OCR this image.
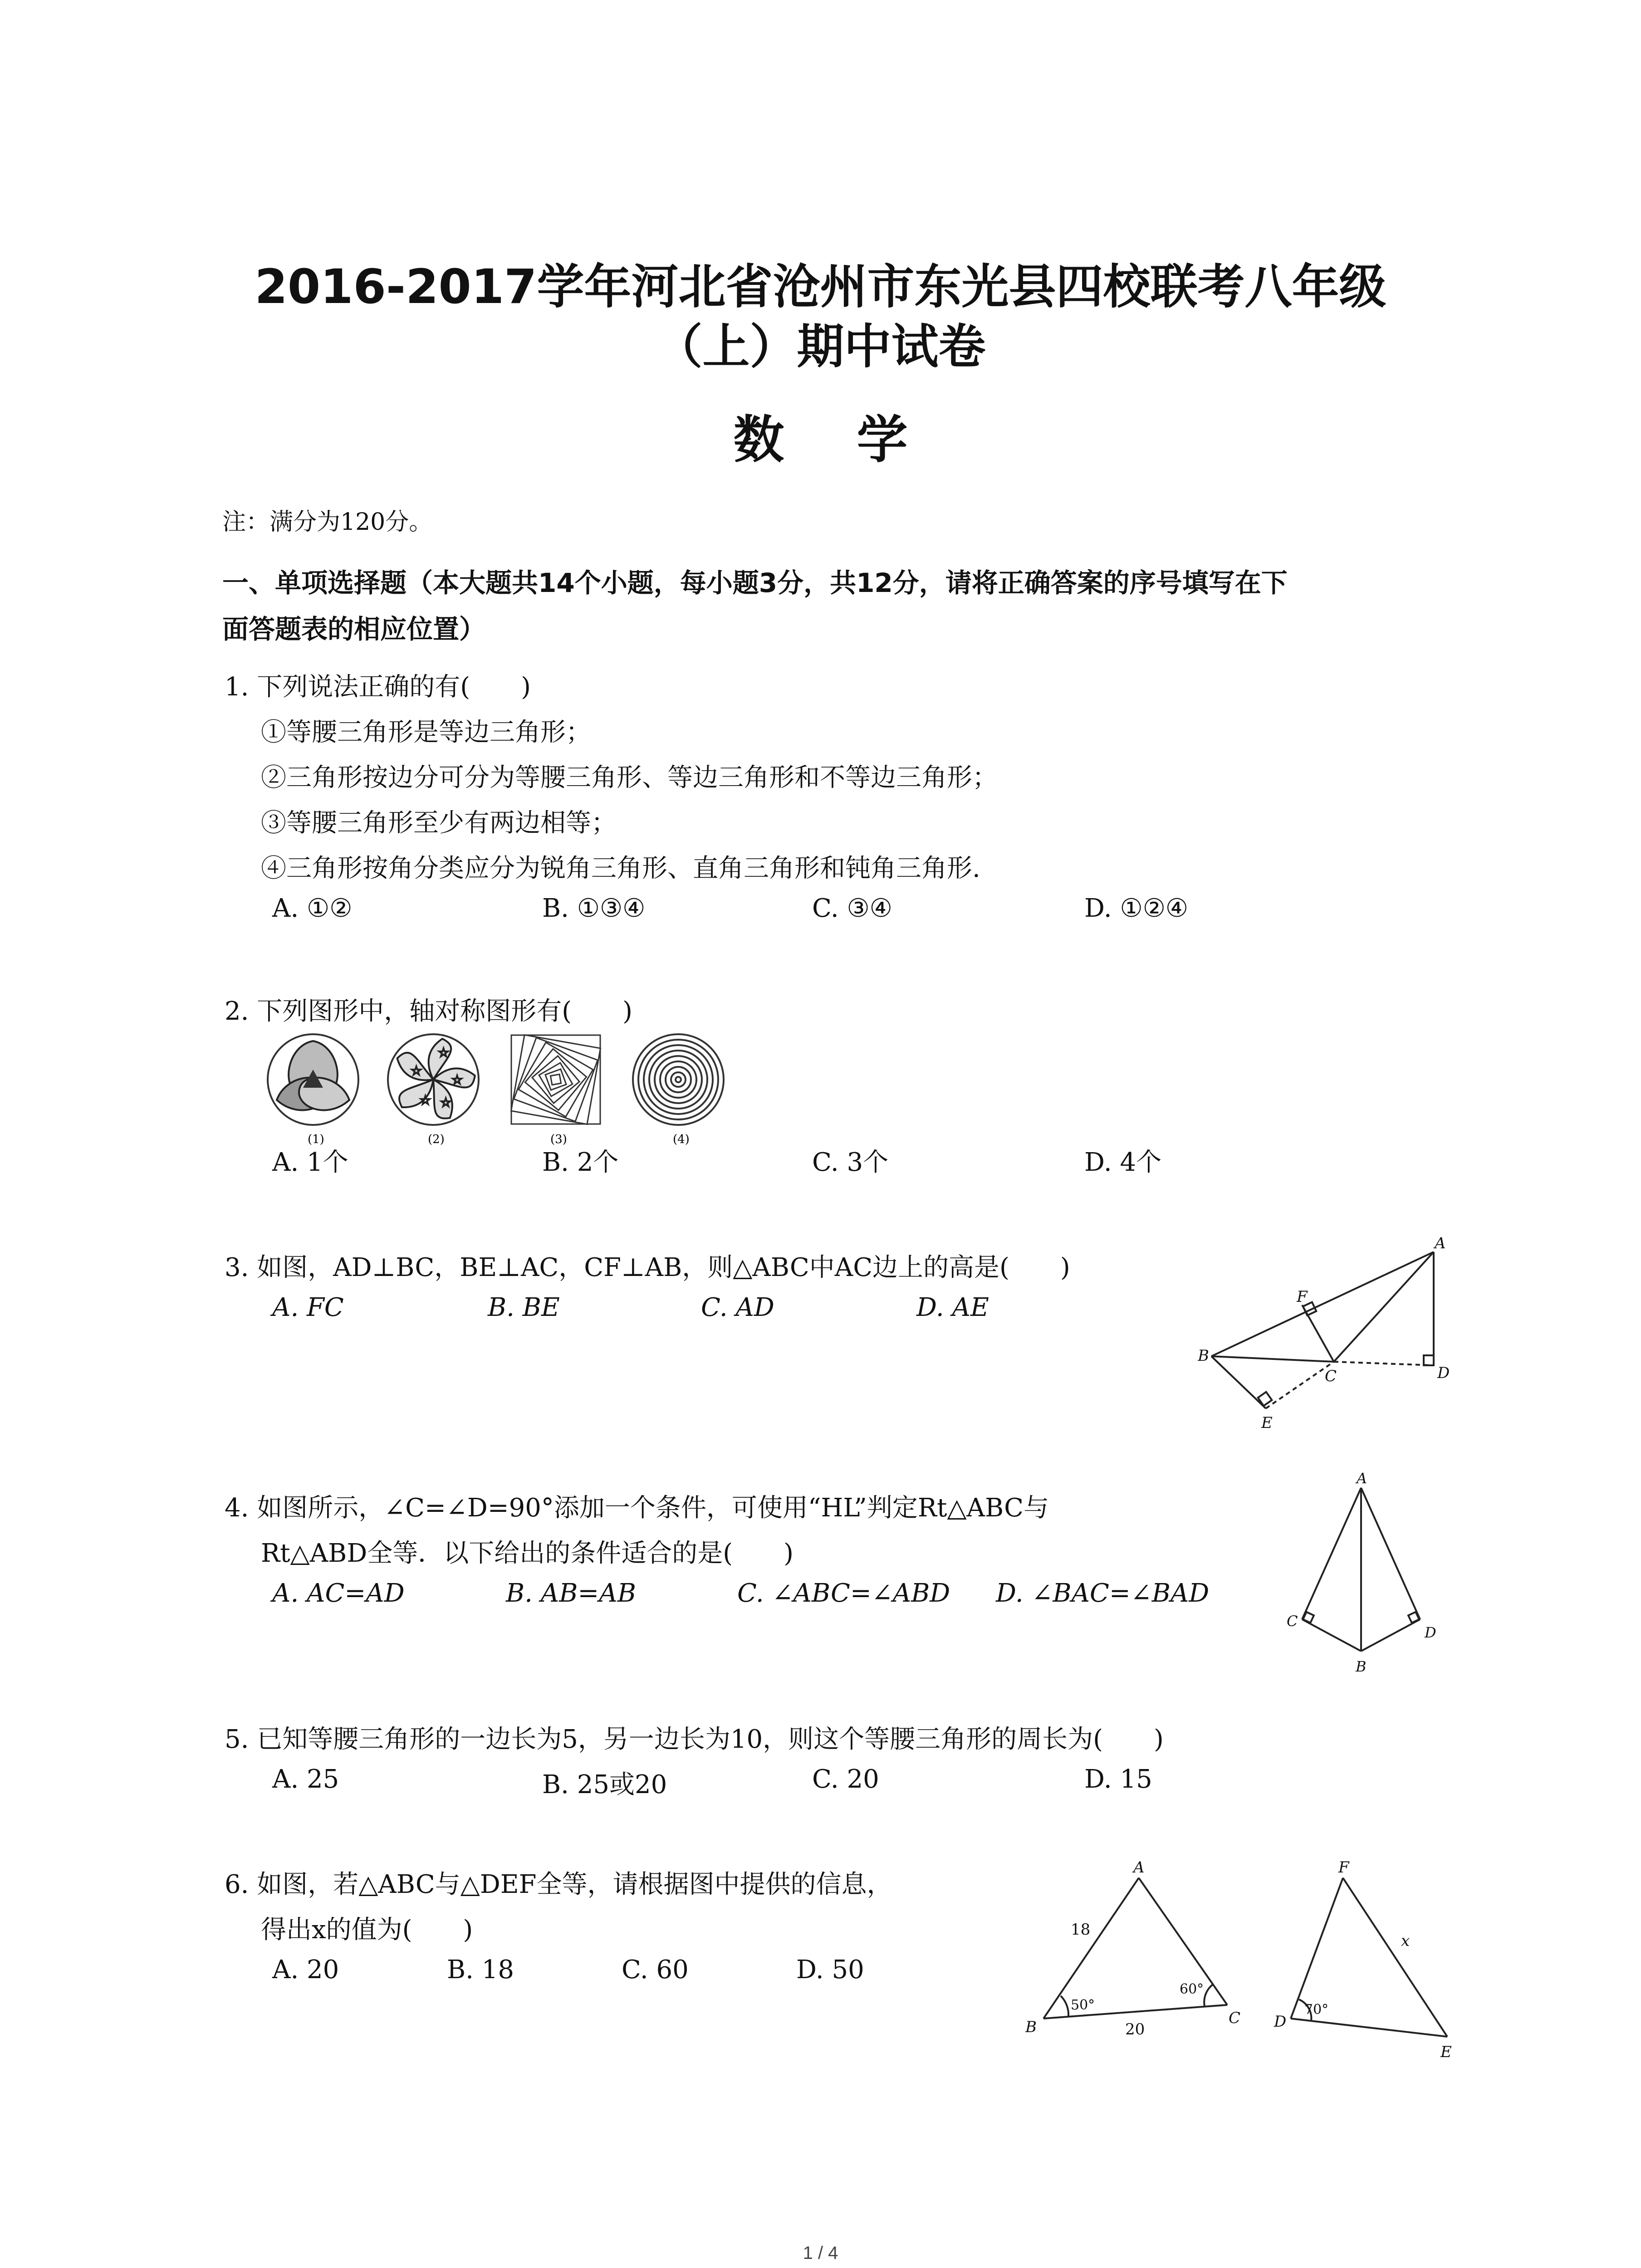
2016-2017学年河北省沧州市东光县四校联考八年级
（上）期中试卷
数学
注：满分为120分。
一、单项选择题（本大题共14个小题，每小题3分，共12分，请将正确答案的序号填写在下
面答题表的相应位置）
1. 下列说法正确的有(　　)
①等腰三角形是等边三角形；
②三角形按边分可分为等腰三角形、等边三角形和不等边三角形；
③等腰三角形至少有两边相等；
④三角形按角分类应分为锐角三角形、直角三角形和钝角三角形.
A. ①②	B. ①③④	C. ③④	D. ①②④
2. 下列图形中，轴对称图形有(　　)
(1)
☆
☆
☆
☆ ☆
(2)	(3)	(4)
A. 1个	B. 2个	C. 3个	D. 4个
3. 如图，AD⊥BC，BE⊥AC，CF⊥AB，则△ABC中AC边上的高是(　　)
A. FC	B. BE	C. AD	D. AE
A
B
C	D
E
F
4. 如图所示，∠C=∠D=90°添加一个条件，可使用“HL”判定Rt△ABC与
Rt△ABD全等．以下给出的条件适合的是(　　)
A. AC=AD	B. AB=AB	C. ∠ABC=∠ABD D. ∠BAC=∠BAD
A
B
C
D
5. 已知等腰三角形的一边长为5，另一边长为10，则这个等腰三角形的周长为(　　)
A. 25	B. 25或20	C. 20	D. 15
6. 如图，若△ABC与△DEF全等，请根据图中提供的信息，
得出x的值为(　　)
A. 20	B. 18	C. 60	D. 50
A
B	C
18
20
50°
60°
F
D
E
x
70°
1 / 4
